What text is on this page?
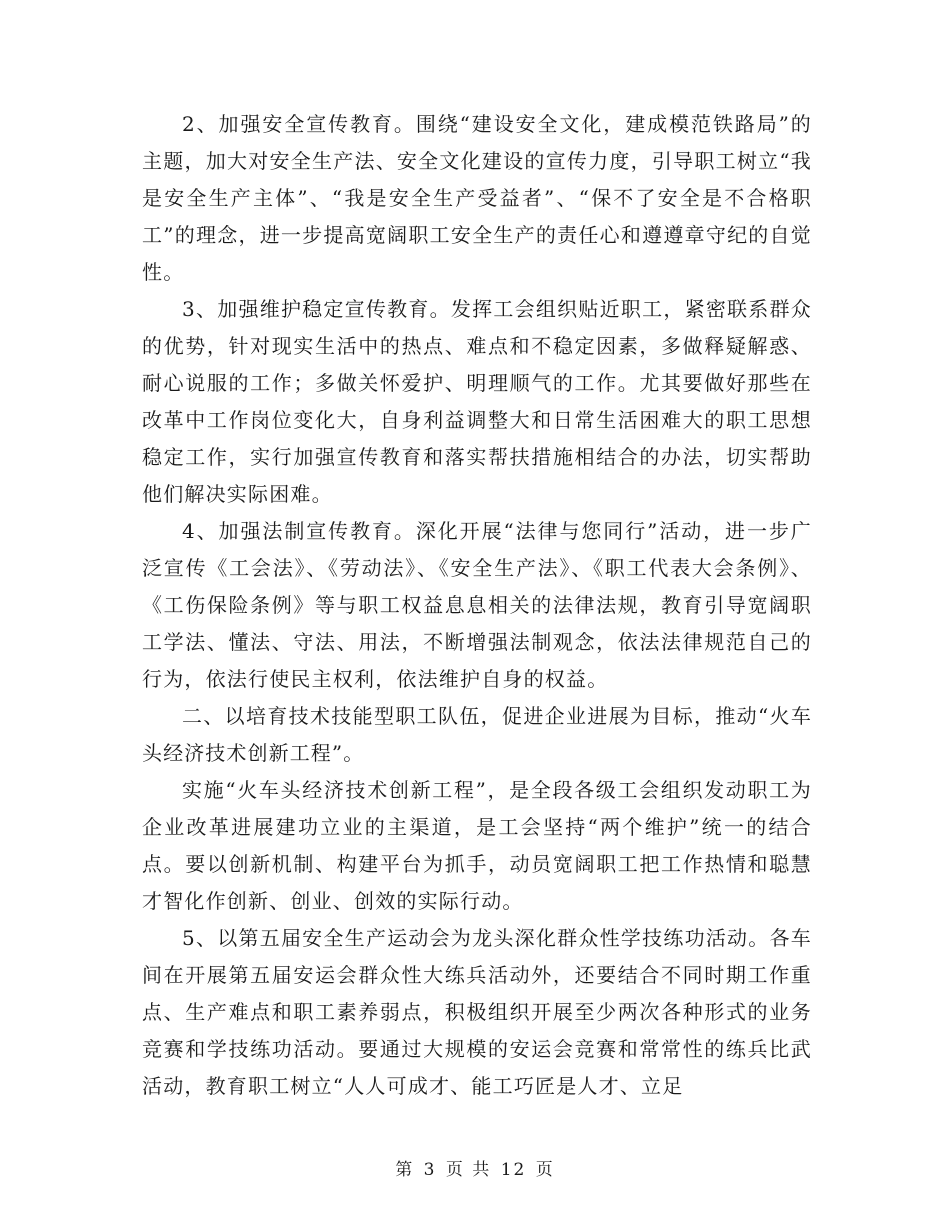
2、加强安全宣传教育。围绕“建设安全文化，建成模范铁路局”的主题，加大对安全生产法、安全文化建设的宣传力度，引导职工树立“我是安全生产主体”、“我是安全生产受益者”、“保不了安全是不合格职工”的理念，进一步提高宽阔职工安全生产的责任心和遵遵章守纪的自觉性。

3、加强维护稳定宣传教育。发挥工会组织贴近职工，紧密联系群众的优势，针对现实生活中的热点、难点和不稳定因素，多做释疑解惑、耐心说服的工作；多做关怀爱护、明理顺气的工作。尤其要做好那些在改革中工作岗位变化大，自身利益调整大和日常生活困难大的职工思想稳定工作，实行加强宣传教育和落实帮扶措施相结合的办法，切实帮助他们解决实际困难。

4、加强法制宣传教育。深化开展“法律与您同行”活动，进一步广泛宣传《工会法》、《劳动法》、《安全生产法》、《职工代表大会条例》、《工伤保险条例》等与职工权益息息相关的法律法规，教育引导宽阔职工学法、懂法、守法、用法，不断增强法制观念，依法法律规范自己的行为，依法行使民主权利，依法维护自身的权益。

二、以培育技术技能型职工队伍，促进企业进展为目标，推动“火车头经济技术创新工程”。

实施“火车头经济技术创新工程”，是全段各级工会组织发动职工为企业改革进展建功立业的主渠道，是工会坚持“两个维护”统一的结合点。要以创新机制、构建平台为抓手，动员宽阔职工把工作热情和聪慧才智化作创新、创业、创效的实际行动。

5、以第五届安全生产运动会为龙头深化群众性学技练功活动。各车间在开展第五届安运会群众性大练兵活动外，还要结合不同时期工作重点、生产难点和职工素养弱点，积极组织开展至少两次各种形式的业务竞赛和学技练功活动。要通过大规模的安运会竞赛和常常性的练兵比武活动，教育职工树立“人人可成才、能工巧匠是人才、立足

第 3 页 共 12 页
